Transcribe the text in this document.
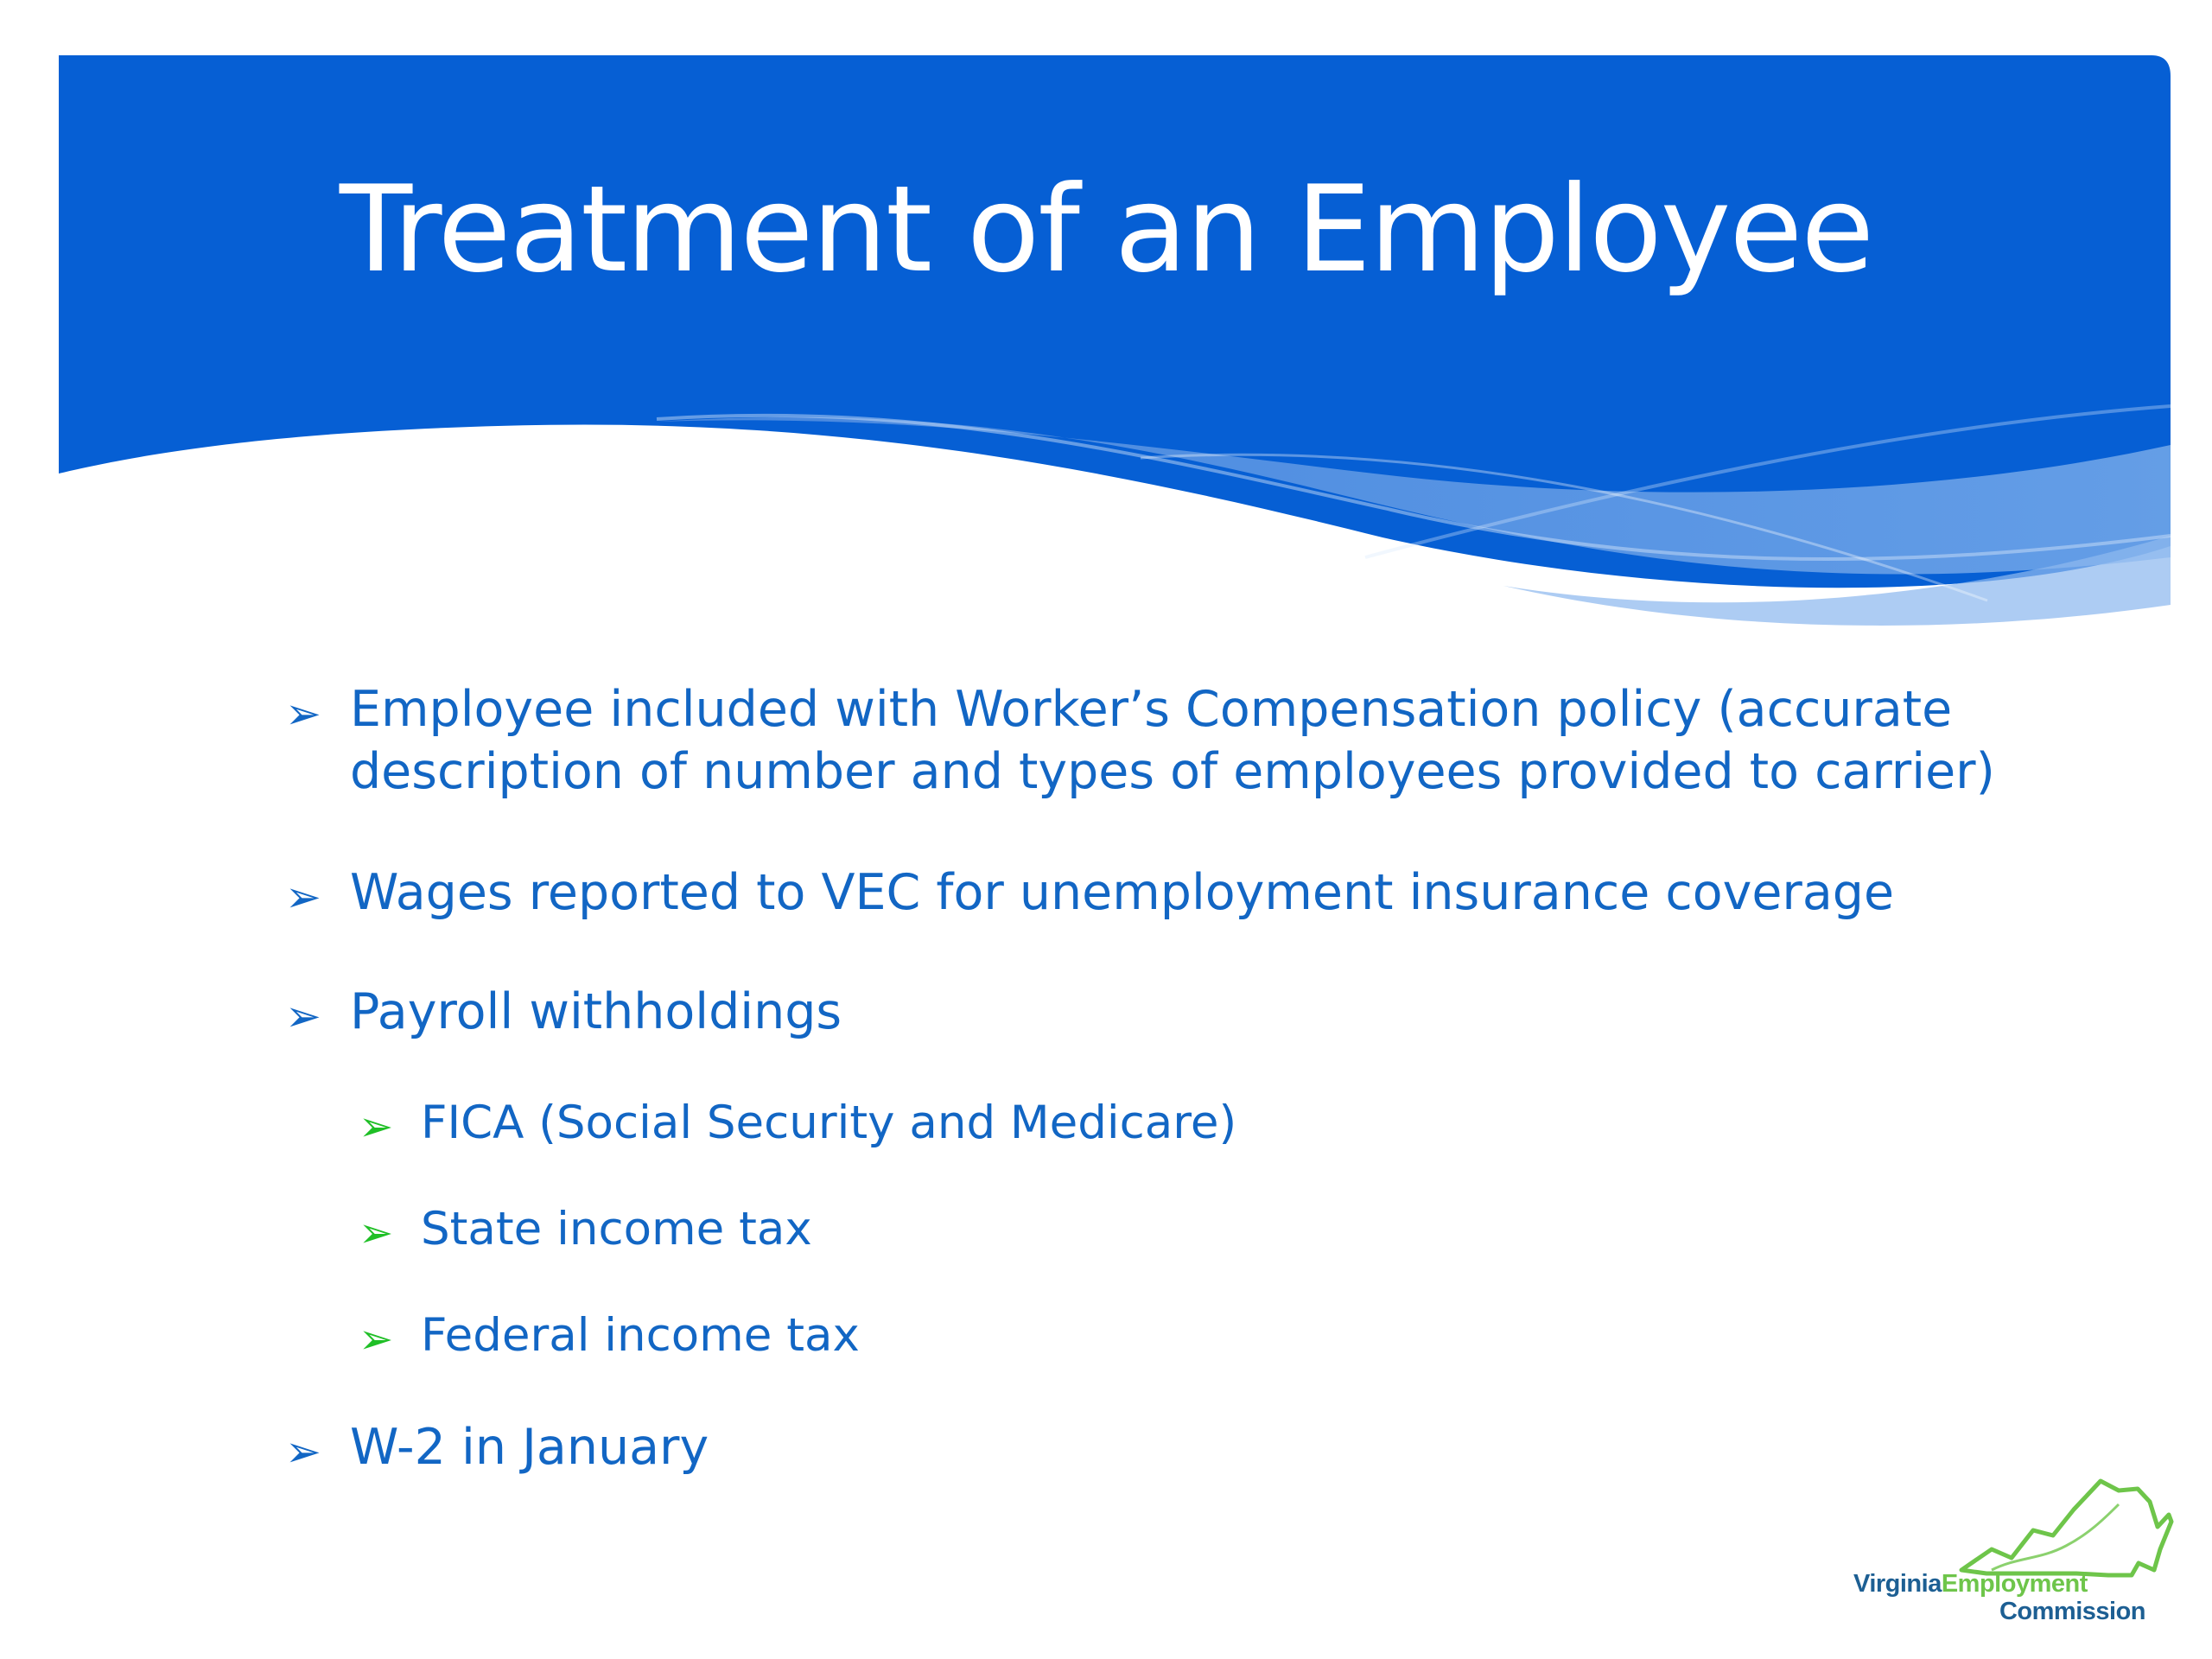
Treatment of an Employee
➢ Employee included with Worker’s Compensation policy (accurate description of number and types of employees provided to carrier)
➢ Wages reported to VEC for unemployment insurance coverage
➢ Payroll withholdings
➢ FICA (Social Security and Medicare)
➢ State income tax
➢ Federal income tax
➢ W-2 in January
VirginiaEmployment
Commission
